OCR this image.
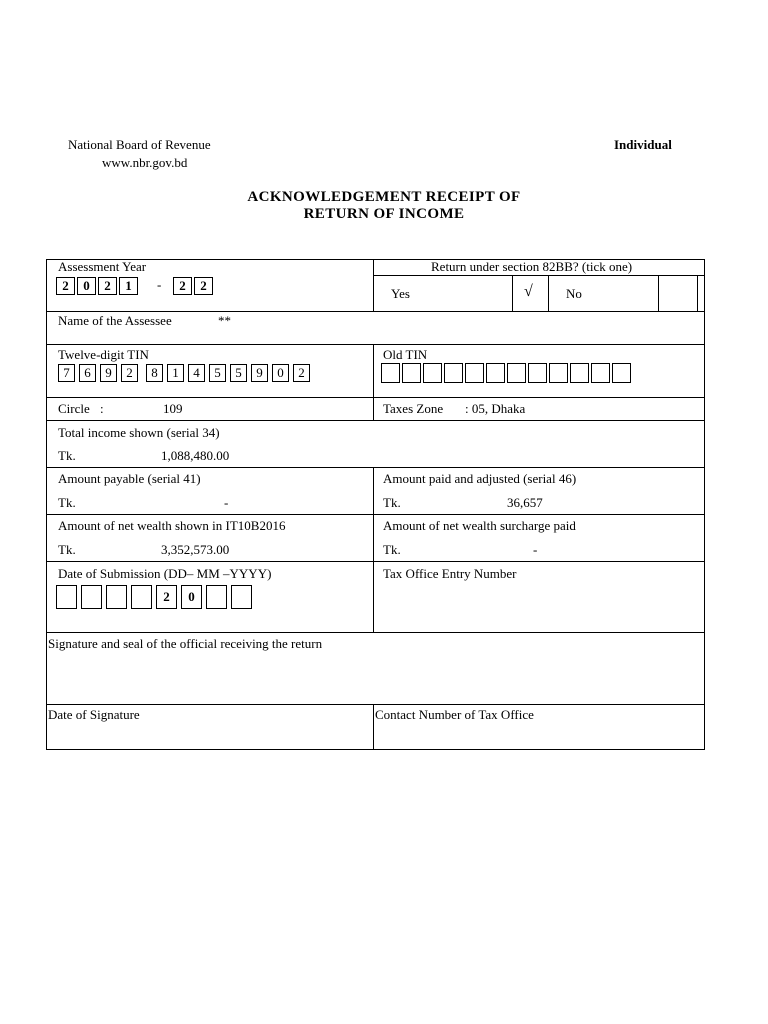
National Board of Revenue
www.nbr.gov.bd
Individual
ACKNOWLEDGEMENT RECEIPT OF
RETURN OF INCOME
Assessment Year
2	0	2	1	-	2	2
Return under section 82BB? (tick one)
Yes	√	No
Name of the Assessee	**
Twelve-digit TIN
7	6	9	2	8	1	4	5	5	9	0	2
Old TIN
Circle :	109	Taxes Zone : 05, Dhaka
Total income shown (serial 34)
Tk.	1,088,480.00
Amount payable (serial 41)
Tk.	-
Amount paid and adjusted (serial 46)
Tk.	36,657
Amount of net wealth shown in IT10B2016
Tk.	3,352,573.00
Amount of net wealth surcharge paid
Tk.	-
Date of Submission (DD– MM –YYYY)
2	0
Tax Office Entry Number
Signature and seal of the official receiving the return
Date of Signature	Contact Number of Tax Office
